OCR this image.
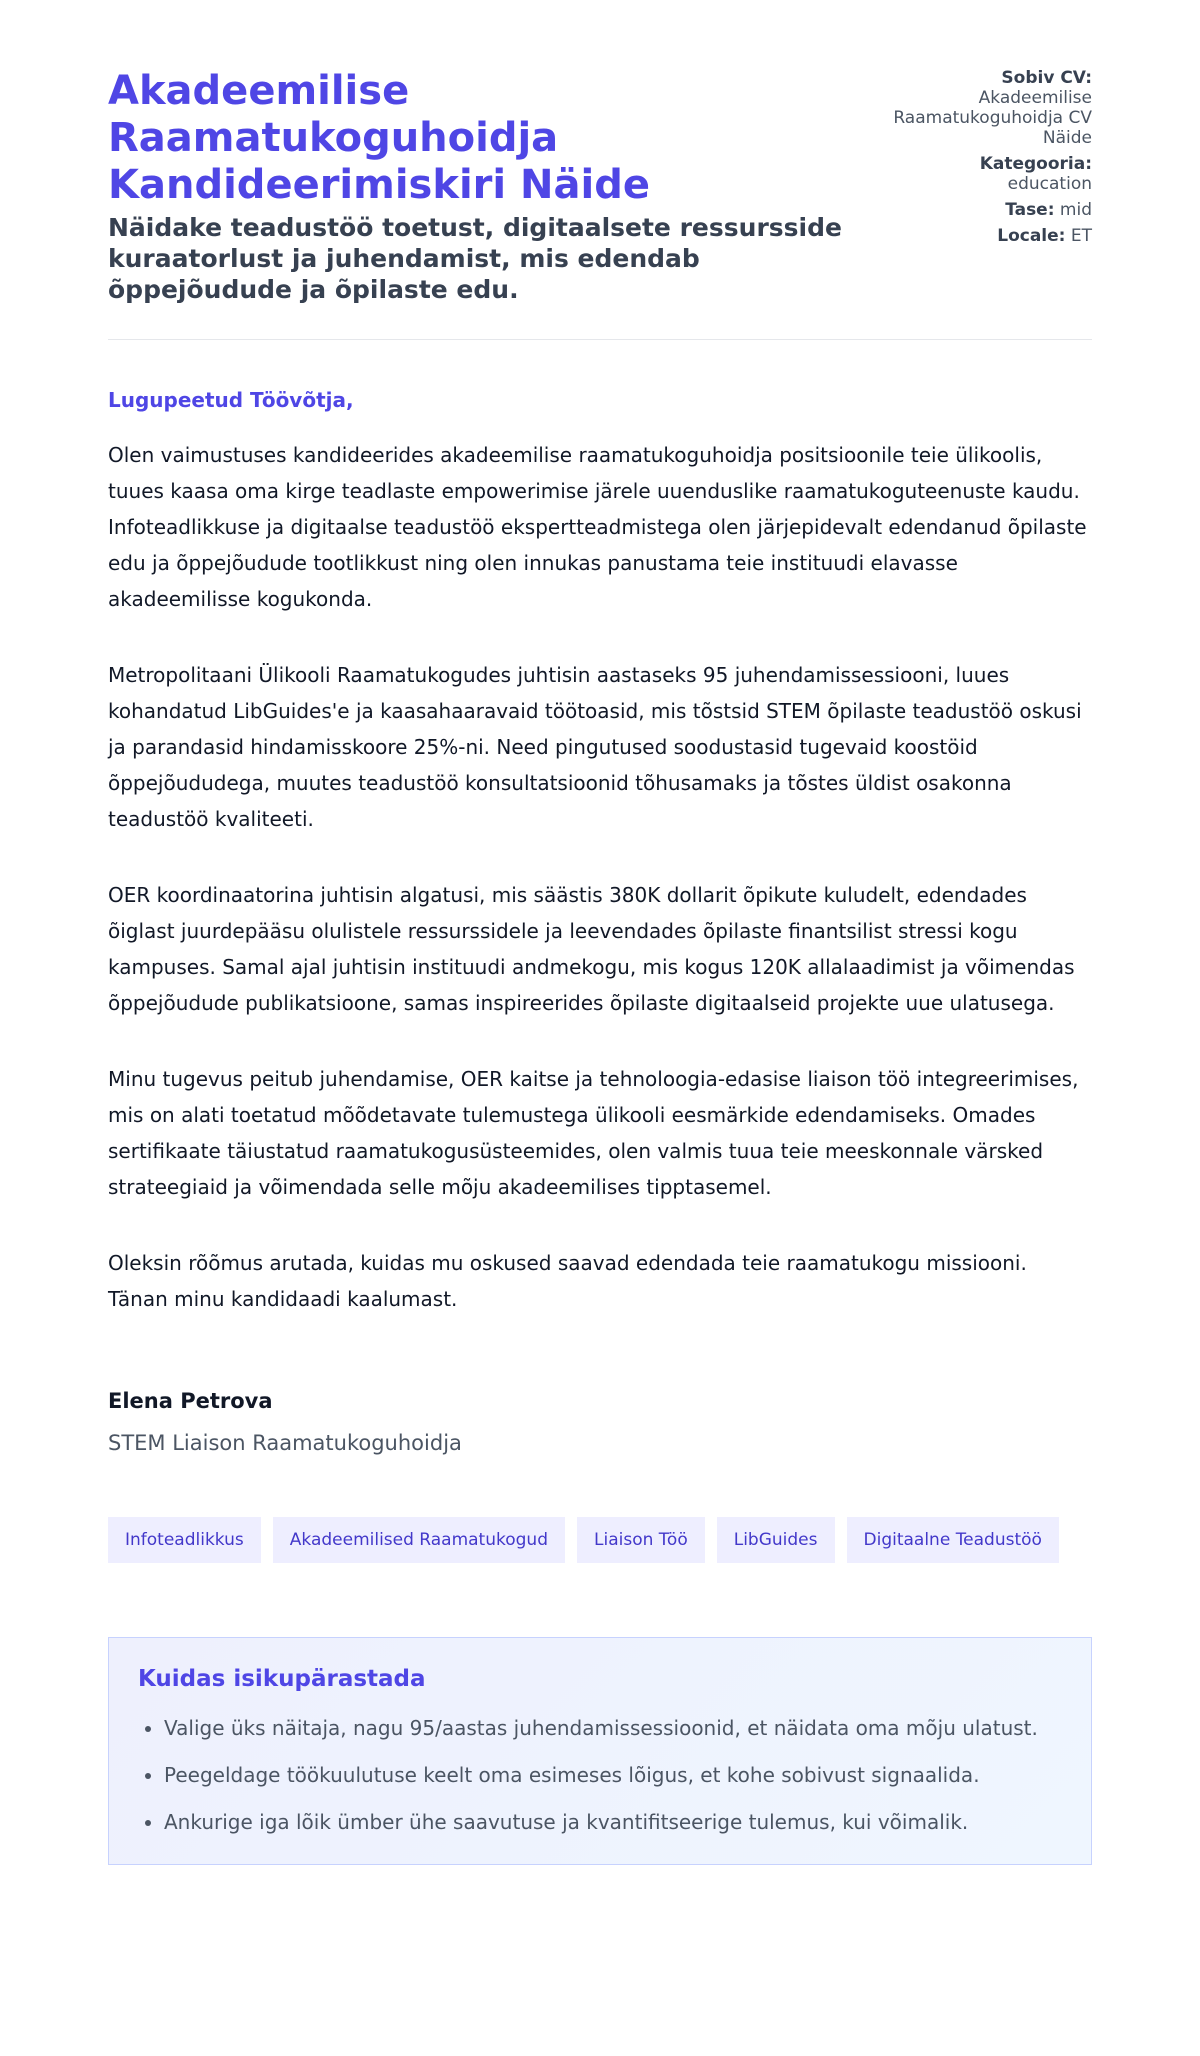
Akadeemilise Raamatukoguhoidja Kandideerimiskiri Näide

Näidake teadustöö toetust, digitaalsete ressursside kuraatorlust ja juhendamist, mis edendab õppejõudude ja õpilaste edu.

Sobiv CV:
Akadeemilise Raamatukoguhoidja CV Näide
Kategooria:
education
Tase: mid
Locale: ET

Lugupeetud Töövõtja,

Olen vaimustuses kandideerides akadeemilise raamatukoguhoidja positsioonile teie ülikoolis, tuues kaasa oma kirge teadlaste empowerimise järele uuenduslike raamatukoguteenuste kaudu. Infoteadlikkuse ja digitaalse teadustöö ekspertteadmistega olen järjepidevalt edendanud õpilaste edu ja õppejõudude tootlikkust ning olen innukas panustama teie instituudi elavasse akadeemilisse kogukonda.

Metropolitaani Ülikooli Raamatukogudes juhtisin aastaseks 95 juhendamissessiooni, luues kohandatud LibGuides'e ja kaasahaaravaid töötoasid, mis tõstsid STEM õpilaste teadustöö oskusi ja parandasid hindamisskoore 25%-ni. Need pingutused soodustasid tugevaid koostöid õppejõududega, muutes teadustöö konsultatsioonid tõhusamaks ja tõstes üldist osakonna teadustöö kvaliteeti.

OER koordinaatorina juhtisin algatusi, mis säästis 380K dollarit õpikute kuludelt, edendades õiglast juurdepääsu olulistele ressurssidele ja leevendades õpilaste finantsilist stressi kogu kampuses. Samal ajal juhtisin instituudi andmekogu, mis kogus 120K allalaadimist ja võimendas õppejõudude publikatsioone, samas inspireerides õpilaste digitaalseid projekte uue ulatusega.

Minu tugevus peitub juhendamise, OER kaitse ja tehnoloogia-edasise liaison töö integreerimises, mis on alati toetatud mõõdetavate tulemustega ülikooli eesmärkide edendamiseks. Omades sertifikaate täiustatud raamatukogusüsteemides, olen valmis tuua teie meeskonnale värsked strateegiaid ja võimendada selle mõju akadeemilises tipptasemel.

Oleksin rõõmus arutada, kuidas mu oskused saavad edendada teie raamatukogu missiooni. Tänan minu kandidaadi kaalumast.

Elena Petrova
STEM Liaison Raamatukoguhoidja
Infoteadlikkus	Akadeemilised Raamatukogud	Liaison Töö	LibGuides	Digitaalne Teadustöö
Kuidas isikupärastada
• Valige üks näitaja, nagu 95/aastas juhendamissessioonid, et näidata oma mõju ulatust.
• Peegeldage töökuulutuse keelt oma esimeses lõigus, et kohe sobivust signaalida.
• Ankurige iga lõik ümber ühe saavutuse ja kvantifitseerige tulemus, kui võimalik.
